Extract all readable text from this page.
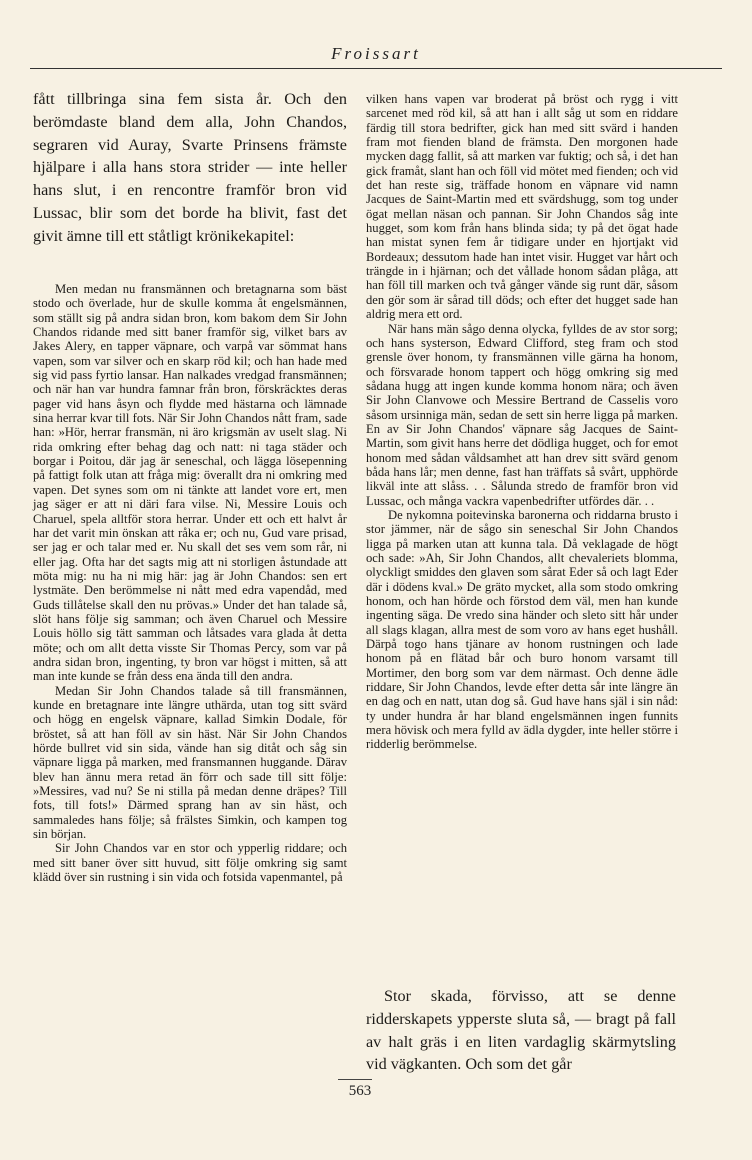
Froissart

fått tillbringa sina fem sista år. Och den berömdaste bland dem alla, John Chandos, segraren vid Auray, Svarte Prinsens främste hjälpare i alla hans stora strider — inte heller hans slut, i en rencontre framför bron vid Lussac, blir som det borde ha blivit, fast det givit ämne till ett ståtligt krönikekapitel:

Men medan nu fransmännen och bretagnarna som bäst stodo och överlade, hur de skulle komma åt engelsmännen, som ställt sig på andra sidan bron, kom bakom dem Sir John Chandos ridande med sitt baner framför sig, vilket bars av Jakes Alery, en tapper väpnare, och varpå var sömmat hans vapen, som var silver och en skarp röd kil; och han hade med sig vid pass fyrtio lansar. Han nalkades vredgad fransmännen; och när han var hundra famnar från bron, förskräcktes deras pager vid hans åsyn och flydde med hästarna och lämnade sina herrar kvar till fots. När Sir John Chandos nått fram, sade han: »Hör, herrar fransmän, ni äro krigsmän av uselt slag. Ni rida omkring efter behag dag och natt: ni taga städer och borgar i Poitou, där jag är seneschal, och lägga lösepenning på fattigt folk utan att fråga mig: överallt dra ni omkring med vapen. Det synes som om ni tänkte att landet vore ert, men jag säger er att ni däri fara vilse. Ni, Messire Louis och Charuel, spela alltför stora herrar. Under ett och ett halvt år har det varit min önskan att råka er; och nu, Gud vare prisad, ser jag er och talar med er. Nu skall det ses vem som rår, ni eller jag. Ofta har det sagts mig att ni storligen åstundade att möta mig: nu ha ni mig här: jag är John Chandos: sen ert lystmäte. Den berömmelse ni nått med edra vapendåd, med Guds tillåtelse skall den nu prövas.» Under det han talade så, slöt hans följe sig samman; och även Charuel och Messire Louis höllo sig tätt samman och låtsades vara glada åt detta möte; och om allt detta visste Sir Thomas Percy, som var på andra sidan bron, ingenting, ty bron var högst i mitten, så att man inte kunde se från dess ena ända till den andra.

Medan Sir John Chandos talade så till fransmännen, kunde en bretagnare inte längre uthärda, utan tog sitt svärd och högg en engelsk väpnare, kallad Simkin Dodale, för bröstet, så att han föll av sin häst. När Sir John Chandos hörde bullret vid sin sida, vände han sig ditåt och såg sin väpnare ligga på marken, med fransmannen huggande. Därav blev han ännu mera retad än förr och sade till sitt följe: »Messires, vad nu? Se ni stilla på medan denne dräpes? Till fots, till fots!» Därmed sprang han av sin häst, och sammaledes hans följe; så frälstes Simkin, och kampen tog sin början.

Sir John Chandos var en stor och ypperlig riddare; och med sitt baner över sitt huvud, sitt följe omkring sig samt klädd över sin rustning i sin vida och fotsida vapenmantel, på

vilken hans vapen var broderat på bröst och rygg i vitt sarcenet med röd kil, så att han i allt såg ut som en riddare färdig till stora bedrifter, gick han med sitt svärd i handen fram mot fienden bland de främsta. Den morgonen hade mycken dagg fallit, så att marken var fuktig; och så, i det han gick framåt, slant han och föll vid mötet med fienden; och vid det han reste sig, träffade honom en väpnare vid namn Jacques de Saint-Martin med ett svärdshugg, som tog under ögat mellan näsan och pannan. Sir John Chandos såg inte hugget, som kom från hans blinda sida; ty på det ögat hade han mistat synen fem år tidigare under en hjortjakt vid Bordeaux; dessutom hade han intet visir. Hugget var hårt och trängde in i hjärnan; och det vållade honom sådan plåga, att han föll till marken och två gånger vände sig runt där, såsom den gör som är sårad till döds; och efter det hugget sade han aldrig mera ett ord.

När hans män sågo denna olycka, fylldes de av stor sorg; och hans systerson, Edward Clifford, steg fram och stod grensle över honom, ty fransmännen ville gärna ha honom, och försvarade honom tappert och högg omkring sig med sådana hugg att ingen kunde komma honom nära; och även Sir John Clanvowe och Messire Bertrand de Casselis voro såsom ursinniga män, sedan de sett sin herre ligga på marken. En av Sir John Chandos' väpnare såg Jacques de Saint-Martin, som givit hans herre det dödliga hugget, och for emot honom med sådan våldsamhet att han drev sitt svärd genom båda hans lår; men denne, fast han träffats så svårt, upphörde likväl inte att slåss. . . Sålunda stredo de framför bron vid Lussac, och många vackra vapenbedrifter utfördes där. . .

De nykomna poitevinska baronerna och riddarna brusto i stor jämmer, när de sågo sin seneschal Sir John Chandos ligga på marken utan att kunna tala. Då veklagade de högt och sade: »Ah, Sir John Chandos, allt chevaleriets blomma, olyckligt smiddes den glaven som sårat Eder så och lagt Eder där i dödens kval.» De gräto mycket, alla som stodo omkring honom, och han hörde och förstod dem väl, men han kunde ingenting säga. De vredo sina händer och sleto sitt hår under all slags klagan, allra mest de som voro av hans eget hushåll. Därpå togo hans tjänare av honom rustningen och lade honom på en flätad bår och buro honom varsamt till Mortimer, den borg som var dem närmast. Och denne ädle riddare, Sir John Chandos, levde efter detta sår inte längre än en dag och en natt, utan dog så. Gud have hans själ i sin nåd: ty under hundra år har bland engelsmännen ingen funnits mera hövisk och mera fylld av ädla dygder, inte heller större i ridderlig berömmelse.

Stor skada, förvisso, att se denne ridderskapets ypperste sluta så, — bragt på fall av halt gräs i en liten vardaglig skärmytsling vid vägkanten. Och som det går

563
